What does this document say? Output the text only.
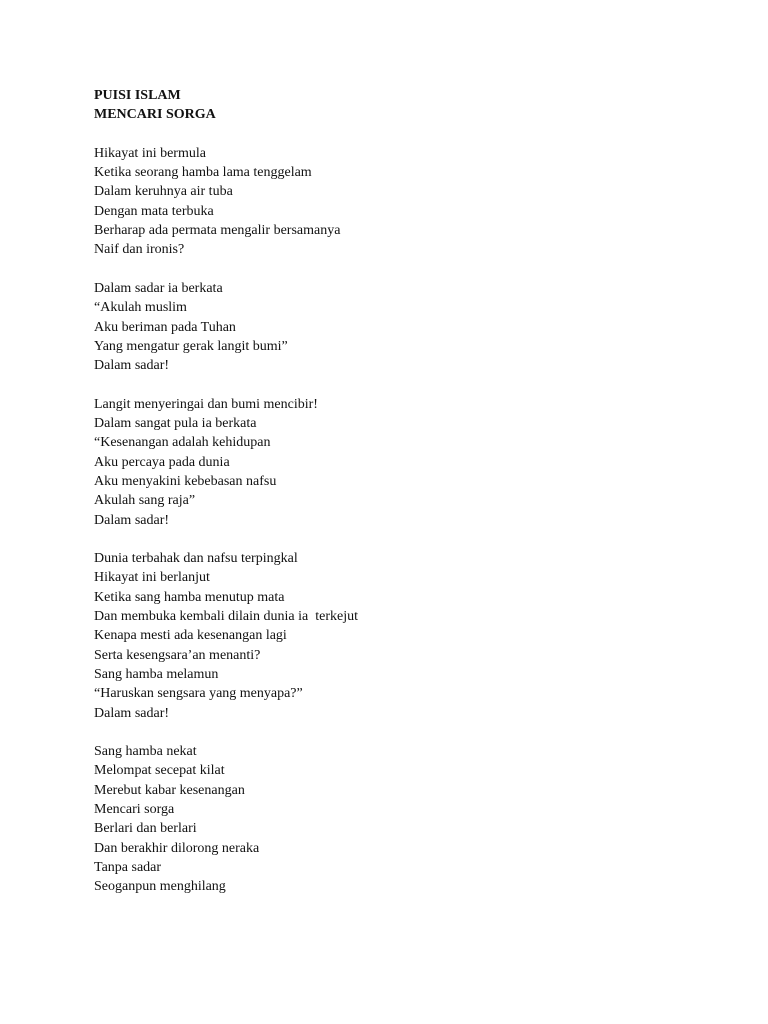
PUISI ISLAM
MENCARI SORGA

Hikayat ini bermula
Ketika seorang hamba lama tenggelam
Dalam keruhnya air tuba
Dengan mata terbuka
Berharap ada permata mengalir bersamanya
Naif dan ironis?
Dalam sadar ia berkata
“Akulah muslim
Aku beriman pada Tuhan
Yang mengatur gerak langit bumi”
Dalam sadar!
Langit menyeringai dan bumi mencibir!
Dalam sangat pula ia berkata
“Kesenangan adalah kehidupan
Aku percaya pada dunia
Aku menyakini kebebasan nafsu
Akulah sang raja”
Dalam sadar!
Dunia terbahak dan nafsu terpingkal
Hikayat ini berlanjut
Ketika sang hamba menutup mata
Dan membuka kembali dilain dunia ia  terkejut
Kenapa mesti ada kesenangan lagi
Serta kesengsara’an menanti?
Sang hamba melamun
“Haruskan sengsara yang menyapa?”
Dalam sadar!
Sang hamba nekat
Melompat secepat kilat
Merebut kabar kesenangan
Mencari sorga
Berlari dan berlari
Dan berakhir dilorong neraka
Tanpa sadar
Seoganpun menghilang
